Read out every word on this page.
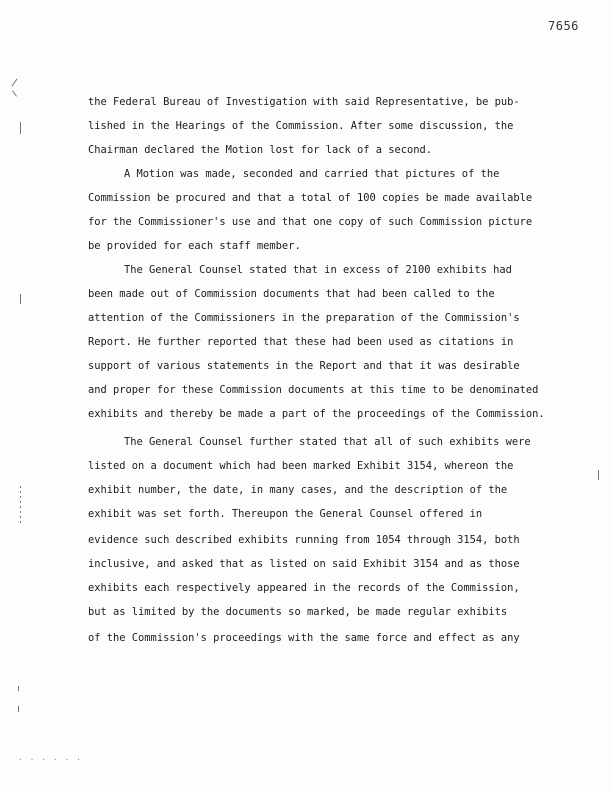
7656
· · · · · ·
the Federal Bureau of Investigation with said Representative, be pub-
lished in the Hearings of the Commission. After some discussion, the
Chairman declared the Motion lost for lack of a second.
A Motion was made, seconded and carried that pictures of the
Commission be procured and that a total of 100 copies be made available
for the Commissioner's use and that one copy of such Commission picture
be provided for each staff member.
The General Counsel stated that in excess of 2100 exhibits had
been made out of Commission documents that had been called to the
attention of the Commissioners in the preparation of the Commission's
Report. He further reported that these had been used as citations in
support of various statements in the Report and that it was desirable
and proper for these Commission documents at this time to be denominated
exhibits and thereby be made a part of the proceedings of the Commission.
The General Counsel further stated that all of such exhibits were
listed on a document which had been marked Exhibit 3154, whereon the
exhibit number, the date, in many cases, and the description of the
exhibit was set forth. Thereupon the General Counsel offered in
evidence such described exhibits running from 1054 through 3154, both
inclusive, and asked that as listed on said Exhibit 3154 and as those
exhibits each respectively appeared in the records of the Commission,
but as limited by the documents so marked, be made regular exhibits
of the Commission's proceedings with the same force and effect as any
